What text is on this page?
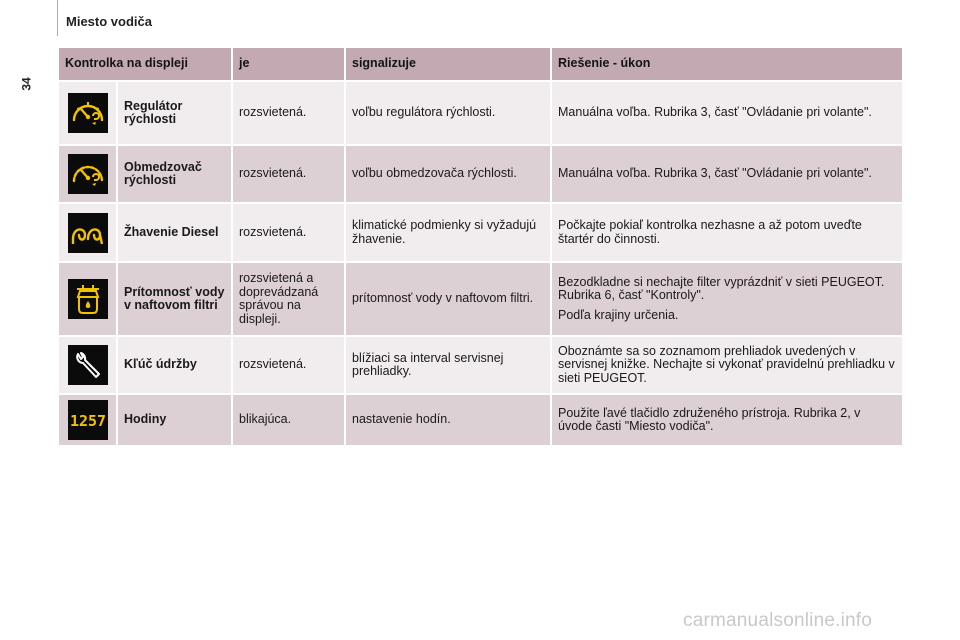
Miesto vodiča
34
Kontrolka na displeji		je	signalizuje	Riešenie - úkon

	Regulátor rýchlosti	rozsvietená.	voľbu regulátora rýchlosti.	Manuálna voľba. Rubrika 3, časť "Ovládanie pri volante".

	Obmedzovač rýchlosti	rozsvietená.	voľbu obmedzovača rýchlosti.	Manuálna voľba. Rubrika 3, časť "Ovládanie pri volante".

	Žhavenie Diesel	rozsvietená.	klimatické podmienky si vyžadujú žhavenie.	Počkajte pokiaľ kontrolka nezhasne a až potom uveďte štartér do činnosti.

	Prítomnosť vody v naftovom filtri	rozsvietená a doprevádzaná správou na displeji.	prítomnosť vody v naftovom filtri.	Bezodkladne si nechajte filter vyprázdniť v sieti PEUGEOT. Rubrika 6, časť "Kontroly".

Podľa krajiny určenia.

	Kľúč údržby	rozsvietená.	blížiaci sa interval servisnej prehliadky.	Oboznámte sa so zoznamom prehliadok uvedených v servisnej knižke. Nechajte si vykonať pravidelnú prehliadku v sieti PEUGEOT.

1257	Hodiny	blikajúca.	nastavenie hodín.	Použite ľavé tlačidlo združeného prístroja. Rubrika 2, v úvode časti "Miesto vodiča".

carmanualsonline.info
